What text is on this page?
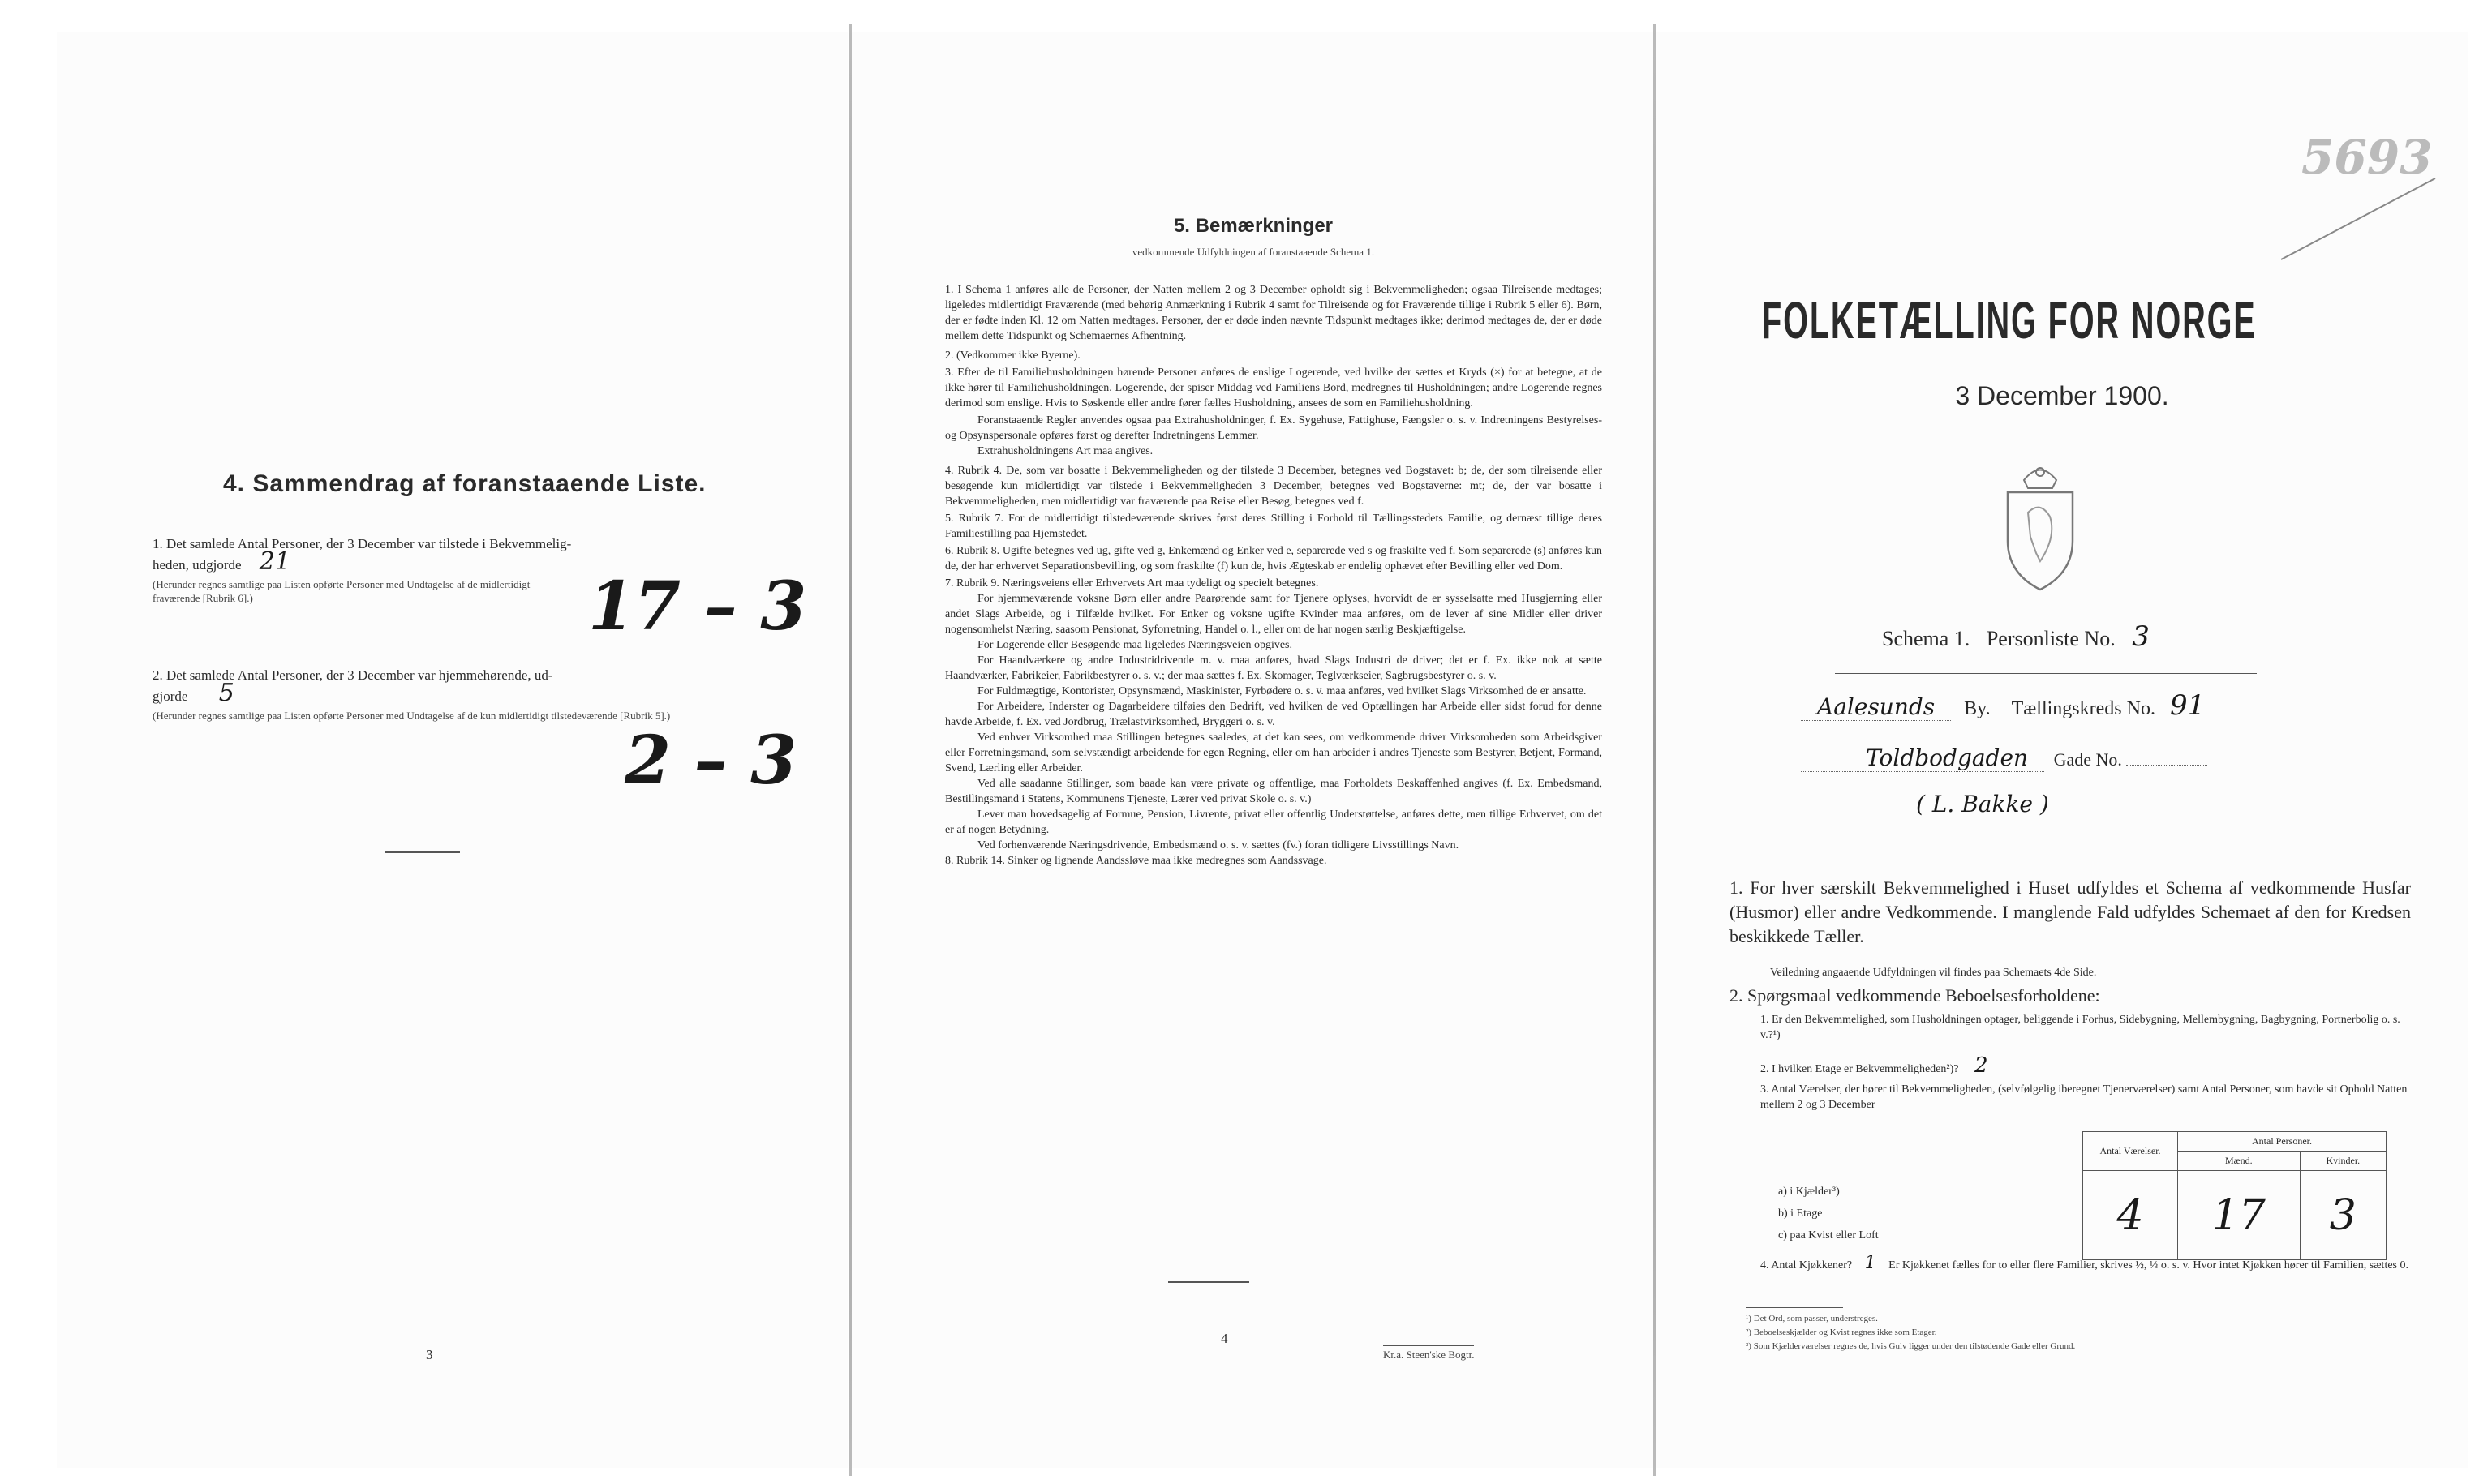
4. Sammendrag af foranstaaende Liste.
1. Det samlede Antal Personer, der 3 December var tilstede i Bekvemmelig-
heden, udgjorde 21
(Herunder regnes samtlige paa Listen opførte Personer med Undtagelse af de midlertidigt fraværende [Rubrik 6].)	17 – 3
2. Det samlede Antal Personer, der 3 December var hjemmehørende, ud-
gjorde 5
(Herunder regnes samtlige paa Listen opførte Personer med Undtagelse af de kun midlertidigt tilstedeværende [Rubrik 5].)
2 – 3
3
5. Bemærkninger
vedkommende Udfyldningen af foranstaaende Schema 1.
1. I Schema 1 anføres alle de Personer, der Natten mellem 2 og 3 December opholdt sig i Bekvemmeligheden; ogsaa Tilreisende medtages; ligeledes midlertidigt Fraværende (med behørig Anmærkning i Rubrik 4 samt for Tilreisende og for Fraværende tillige i Rubrik 5 eller 6). Børn, der er fødte inden Kl. 12 om Natten medtages. Personer, der er døde inden nævnte Tidspunkt medtages ikke; derimod medtages de, der er døde mellem dette Tidspunkt og Schemaernes Afhentning.
2. (Vedkommer ikke Byerne).
3. Efter de til Familiehusholdningen hørende Personer anføres de enslige Logerende, ved hvilke der sættes et Kryds (×) for at betegne, at de ikke hører til Familiehusholdningen. Logerende, der spiser Middag ved Familiens Bord, medregnes til Husholdningen; andre Logerende regnes derimod som enslige. Hvis to Søskende eller andre fører fælles Husholdning, ansees de som en Familiehusholdning.
Foranstaaende Regler anvendes ogsaa paa Extrahusholdninger, f. Ex. Sygehuse, Fattighuse, Fængsler o. s. v. Indretningens Bestyrelses- og Opsynspersonale opføres først og derefter Indretningens Lemmer.
Extrahusholdningens Art maa angives.
4. Rubrik 4. De, som var bosatte i Bekvemmeligheden og der tilstede 3 December, betegnes ved Bogstavet: b; de, der som tilreisende eller besøgende kun midlertidigt var tilstede i Bekvemmeligheden 3 December, betegnes ved Bogstaverne: mt; de, der var bosatte i Bekvemmeligheden, men midlertidigt var fraværende paa Reise eller Besøg, betegnes ved f.
5. Rubrik 7. For de midlertidigt tilstedeværende skrives først deres Stilling i Forhold til Tællingsstedets Familie, og dernæst tillige deres Familiestilling paa Hjemstedet.
6. Rubrik 8. Ugifte betegnes ved ug, gifte ved g, Enkemænd og Enker ved e, separerede ved s og fraskilte ved f. Som separerede (s) anføres kun de, der har erhvervet Separationsbevilling, og som fraskilte (f) kun de, hvis Ægteskab er endelig ophævet efter Bevilling eller ved Dom.
7. Rubrik 9. Næringsveiens eller Erhvervets Art maa tydeligt og specielt betegnes.
For hjemmeværende voksne Børn eller andre Paarørende samt for Tjenere oplyses, hvorvidt de er sysselsatte med Husgjerning eller andet Slags Arbeide, og i Tilfælde hvilket. For Enker og voksne ugifte Kvinder maa anføres, om de lever af sine Midler eller driver nogensomhelst Næring, saasom Pensionat, Syforretning, Handel o. l., eller om de har nogen særlig Beskjæftigelse.
For Logerende eller Besøgende maa ligeledes Næringsveien opgives.
For Haandværkere og andre Industridrivende m. v. maa anføres, hvad Slags Industri de driver; det er f. Ex. ikke nok at sætte Haandværker, Fabrikeier, Fabrikbestyrer o. s. v.; der maa sættes f. Ex. Skomager, Teglværkseier, Sagbrugsbestyrer o. s. v.
For Fuldmægtige, Kontorister, Opsynsmænd, Maskinister, Fyrbødere o. s. v. maa anføres, ved hvilket Slags Virksomhed de er ansatte.
For Arbeidere, Inderster og Dagarbeidere tilføies den Bedrift, ved hvilken de ved Optællingen har Arbeide eller sidst forud for denne havde Arbeide, f. Ex. ved Jordbrug, Trælastvirksomhed, Bryggeri o. s. v.
Ved enhver Virksomhed maa Stillingen betegnes saaledes, at det kan sees, om vedkommende driver Virksomheden som Arbeidsgiver eller Forretningsmand, som selvstændigt arbeidende for egen Regning, eller om han arbeider i andres Tjeneste som Bestyrer, Betjent, Formand, Svend, Lærling eller Arbeider.
Ved alle saadanne Stillinger, som baade kan være private og offentlige, maa Forholdets Beskaffenhed angives (f. Ex. Embedsmand, Bestillingsmand i Statens, Kommunens Tjeneste, Lærer ved privat Skole o. s. v.)
Lever man hovedsagelig af Formue, Pension, Livrente, privat eller offentlig Understøttelse, anføres dette, men tillige Erhvervet, om det er af nogen Betydning.
Ved forhenværende Næringsdrivende, Embedsmænd o. s. v. sættes (fv.) foran tidligere Livsstillings Navn.
8. Rubrik 14. Sinker og lignende Aandssløve maa ikke medregnes som Aandssvage.
4
Kr.a. Steen'ske Bogtr.
5693
FOLKETÆLLING FOR NORGE
3 December 1900.
Schema 1. Personliste No. 3
Aalesunds By. Tællingskreds No. 91
Toldbodgaden Gade No.
( L. Bakke )
1. For hver særskilt Bekvemmelighed i Huset udfyldes et Schema af vedkommende Husfar (Husmor) eller andre Vedkommende. I manglende Fald udfyldes Schemaet af den for Kredsen beskikkede Tæller.
Veiledning angaaende Udfyldningen vil findes paa Schemaets 4de Side.
2. Spørgsmaal vedkommende Beboelsesforholdene:
1. Er den Bekvemmelighed, som Husholdningen optager, beliggende i Forhus, Sidebygning, Mellembygning, Bagbygning, Portnerbolig o. s. v.?¹)
2. I hvilken Etage er Bekvemmeligheden²)? 2
3. Antal Værelser, der hører til Bekvemmeligheden, (selvfølgelig iberegnet Tjenerværelser) samt Antal Personer, som havde sit Ophold Natten mellem 2 og 3 December
a) i Kjælder³)
b) i Etage
c) paa Kvist eller Loft
Antal Værelser.	Antal Personer.	
	Mænd.	Kvinder.
4	17	3
4. Antal Kjøkkener? 1 Er Kjøkkenet fælles for to eller flere Familier, skrives ½, ⅓ o. s. v. Hvor intet Kjøkken hører til Familien, sættes 0.
¹) Det Ord, som passer, understreges.
²) Beboelseskjælder og Kvist regnes ikke som Etager.
³) Som Kjælderværelser regnes de, hvis Gulv ligger under den tilstødende Gade eller Grund.
